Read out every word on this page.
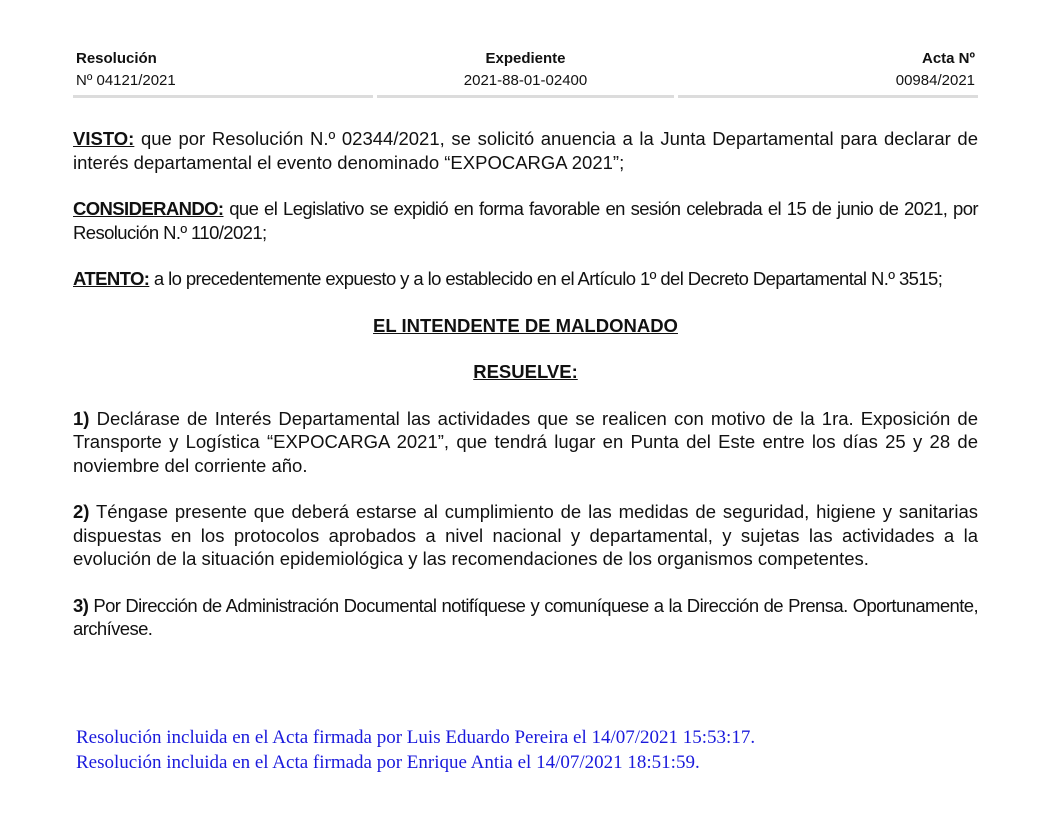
Resolución
Nº 04121/2021
Expediente
2021-88-01-02400
Acta Nº
00984/2021

VISTO: que por Resolución N.º 02344/2021, se solicitó anuencia a la Junta Departamental para declarar de interés departamental el evento denominado “EXPOCARGA 2021”;

CONSIDERANDO: que el Legislativo se expidió en forma favorable en sesión celebrada el 15 de junio de 2021, por Resolución N.º 110/2021;

ATENTO: a lo precedentemente expuesto y a lo establecido en el Artículo 1º del Decreto Departamental N.º 3515;

EL INTENDENTE DE MALDONADO

RESUELVE:

1) Declárase de Interés Departamental las actividades que se realicen con motivo de la 1ra. Exposición de Transporte y Logística “EXPOCARGA 2021”, que tendrá lugar en Punta del Este entre los días 25 y 28 de noviembre del corriente año.

2) Téngase presente que deberá estarse al cumplimiento de las medidas de seguridad, higiene y sanitarias dispuestas en los protocolos aprobados a nivel nacional y departamental, y sujetas las actividades a la evolución de la situación epidemiológica y las recomendaciones de los organismos competentes.

3) Por Dirección de Administración Documental notifíquese y comuníquese a la Dirección de Prensa. Oportunamente, archívese.

Resolución incluida en el Acta firmada por Luis Eduardo Pereira el 14/07/2021 15:53:17.
Resolución incluida en el Acta firmada por Enrique Antia el 14/07/2021 18:51:59.
